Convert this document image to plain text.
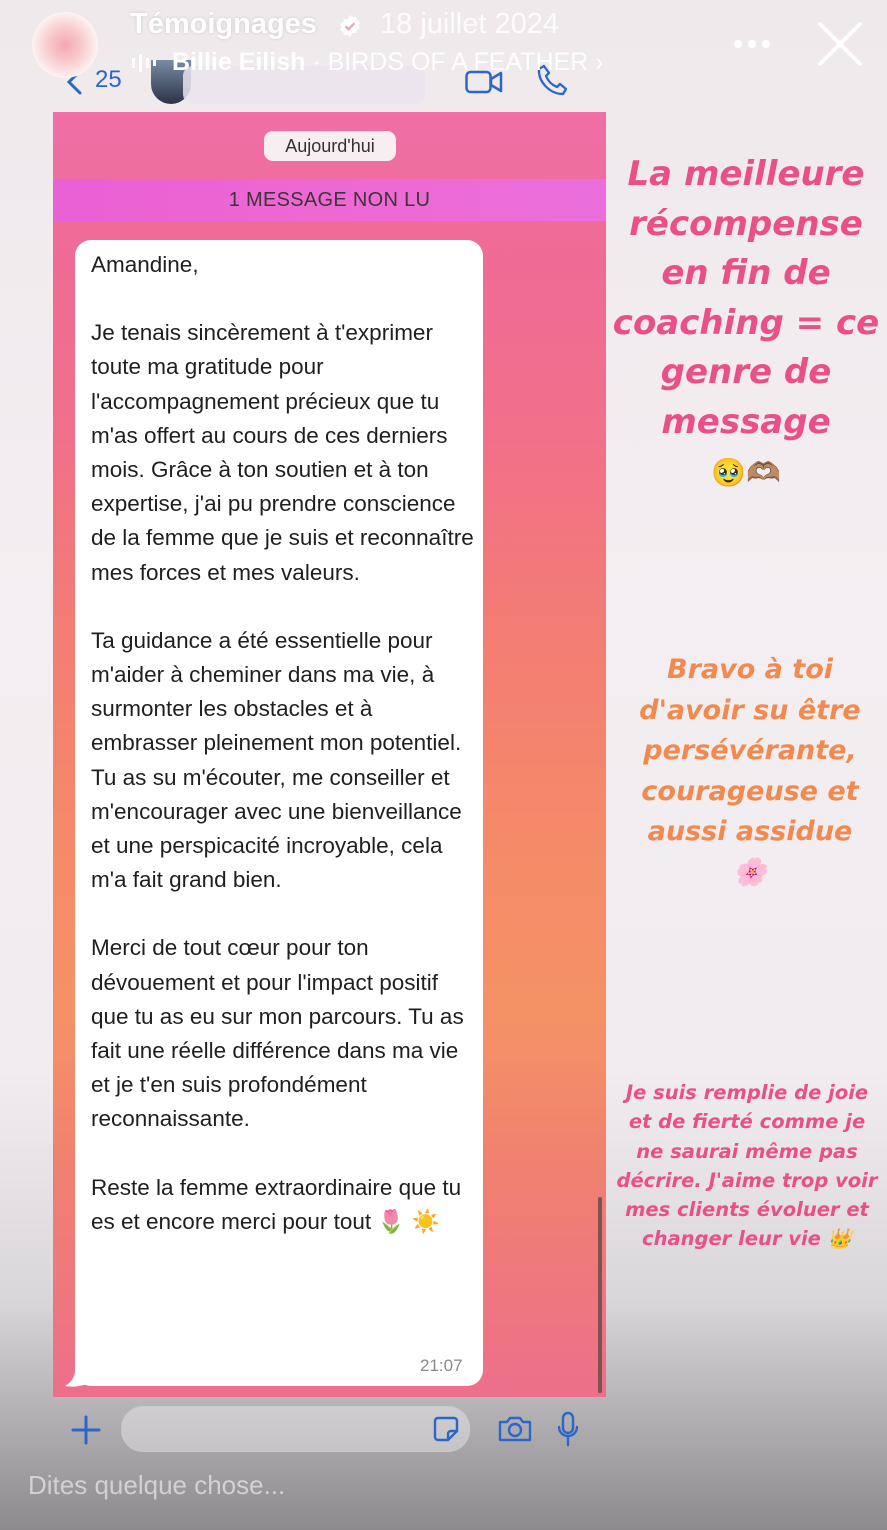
Témoignages 18 juillet 2024
Billie Eilish · BIRDS OF A FEATHER ›
25
Aujourd'hui
1 MESSAGE NON LU

Amandine,

Je tenais sincèrement à t'exprimer toute ma gratitude pour l'accompagnement précieux que tu m'as offert au cours de ces derniers mois. Grâce à ton soutien et à ton expertise, j'ai pu prendre conscience de la femme que je suis et reconnaître mes forces et mes valeurs.

Ta guidance a été essentielle pour m'aider à cheminer dans ma vie, à surmonter les obstacles et à embrasser pleinement mon potentiel. Tu as su m'écouter, me conseiller et m'encourager avec une bienveillance et une perspicacité incroyable, cela m'a fait grand bien.

Merci de tout cœur pour ton dévouement et pour l'impact positif que tu as eu sur mon parcours. Tu as fait une réelle différence dans ma vie et je t'en suis profondément reconnaissante.

Reste la femme extraordinaire que tu es et encore merci pour tout 🌷 ☀️

21:07
La meilleure récompense en fin de coaching = ce genre de message
🥹🫶🏽
Bravo à toi d'avoir su être persévérante, courageuse et aussi assidue
🌸
Je suis remplie de joie et de fierté comme je ne saurai même pas décrire. J'aime trop voir mes clients évoluer et changer leur vie 👑
Dites quelque chose...
